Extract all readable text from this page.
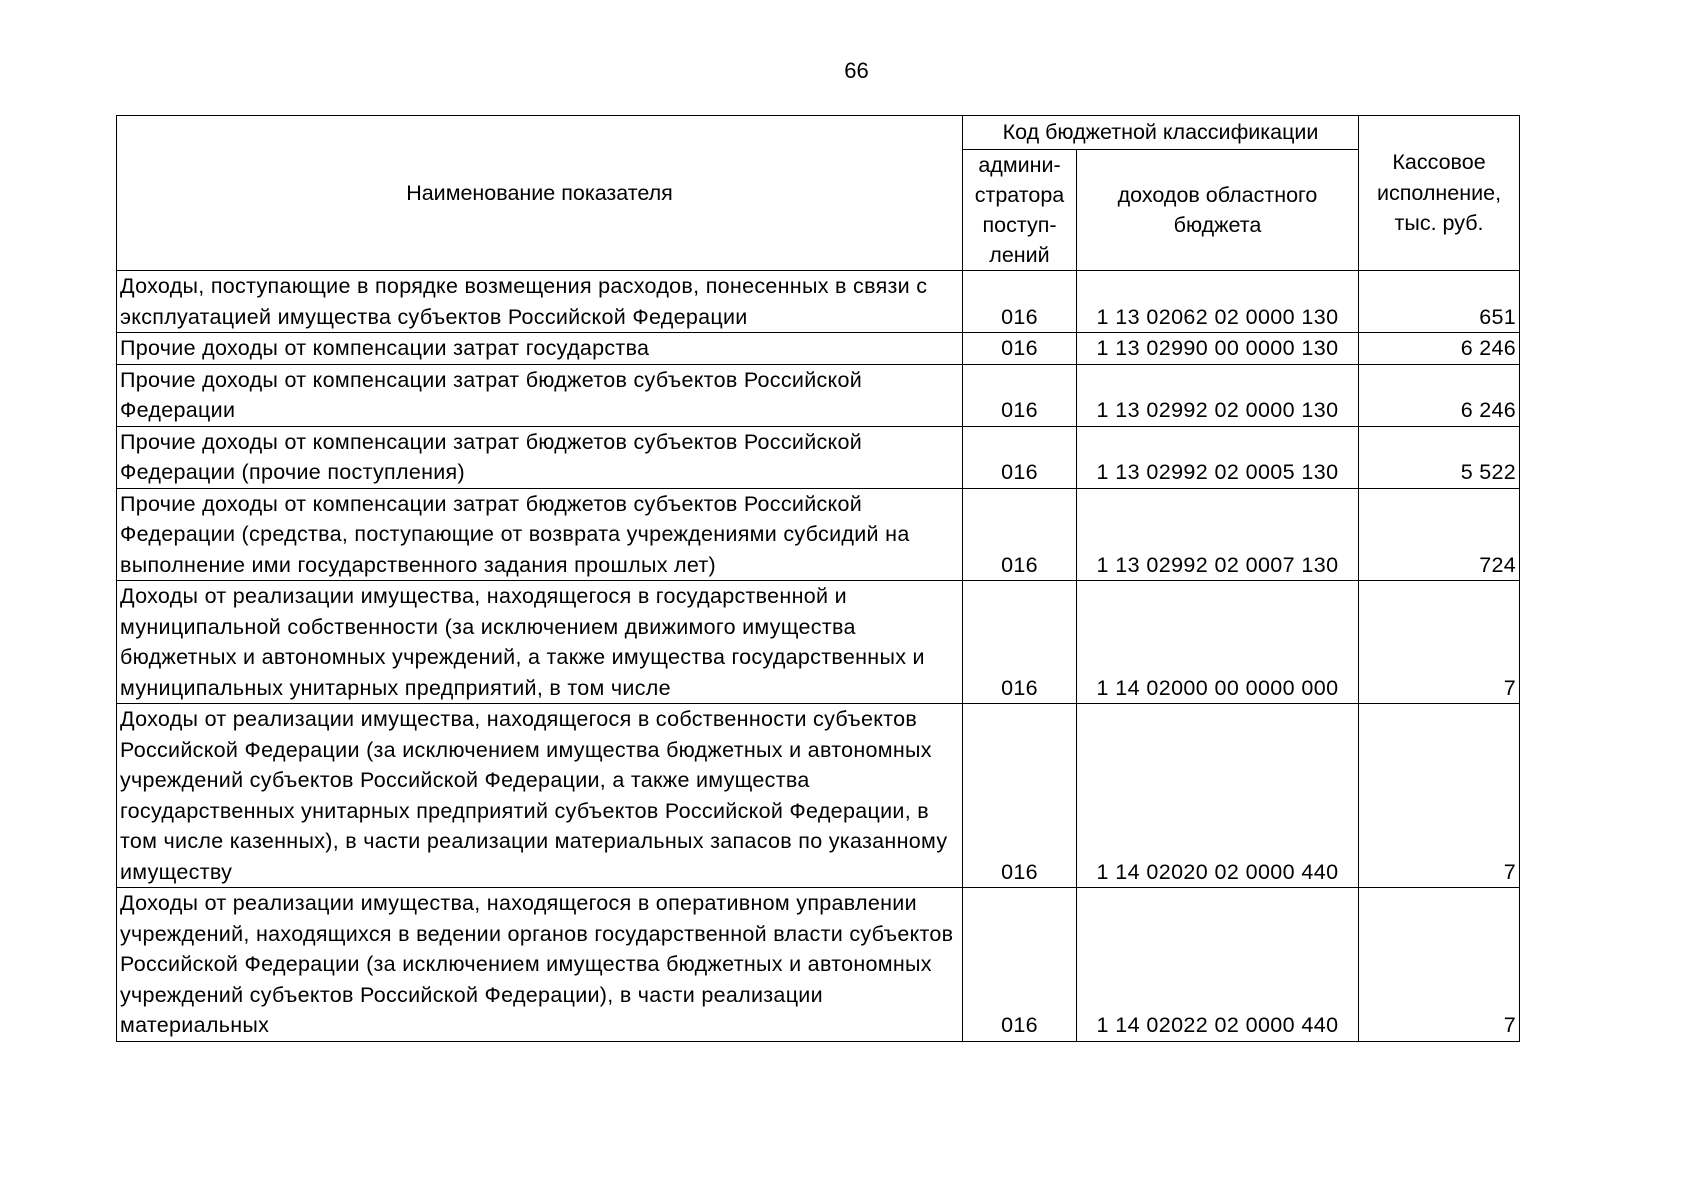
66
Наименование показателя	Код бюджетной классификации		Кассовое исполнение, тыс. руб.
	админи-стратора поступ-лений	доходов областного бюджета	
Доходы, поступающие в порядке возмещения расходов, понесенных в связи с эксплуатацией имущества субъектов Российской Федерации	016	1 13 02062 02 0000 130	651
Прочие доходы от компенсации затрат государства	016	1 13 02990 00 0000 130	6 246
Прочие доходы от компенсации затрат бюджетов субъектов Российской Федерации	016	1 13 02992 02 0000 130	6 246
Прочие доходы от компенсации затрат бюджетов субъектов Российской Федерации (прочие поступления)	016	1 13 02992 02 0005 130	5 522
Прочие доходы от компенсации затрат бюджетов субъектов Российской Федерации (средства, поступающие от возврата учреждениями субсидий на выполнение ими государственного задания прошлых лет)	016	1 13 02992 02 0007 130	724
Доходы от реализации имущества, находящегося в государственной и муниципальной собственности (за исключением движимого имущества бюджетных и автономных учреждений, а также имущества государственных и муниципальных унитарных предприятий, в том числе	016	1 14 02000 00 0000 000	7
Доходы от реализации имущества, находящегося в собственности субъектов Российской Федерации (за исключением имущества бюджетных и автономных учреждений субъектов Российской Федерации, а также имущества государственных унитарных предприятий субъектов Российской Федерации, в том числе казенных), в части реализации материальных запасов по указанному имуществу	016	1 14 02020 02 0000 440	7
Доходы от реализации имущества, находящегося в оперативном управлении учреждений, находящихся в ведении органов государственной власти субъектов Российской Федерации (за исключением имущества бюджетных и автономных учреждений субъектов Российской Федерации), в части реализации материальных	016	1 14 02022 02 0000 440	7
